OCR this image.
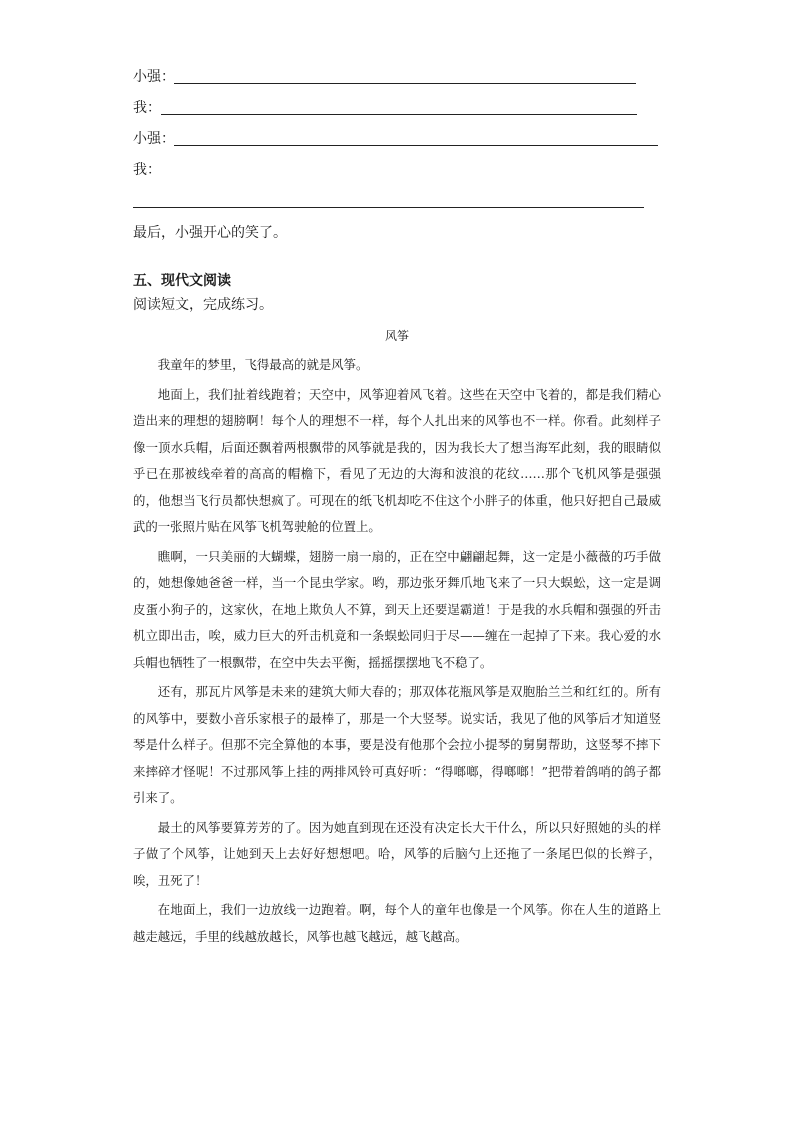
小强：
我：
小强：
我：
最后，小强开心的笑了。
五、现代文阅读
阅读短文，完成练习。
风筝

我童年的梦里，飞得最高的就是风筝。

地面上，我们扯着线跑着；天空中，风筝迎着风飞着。这些在天空中飞着的，都是我们精心造出来的理想的翅膀啊！每个人的理想不一样，每个人扎出来的风筝也不一样。你看。此刻样子像一顶水兵帽，后面还飘着两根飘带的风筝就是我的，因为我长大了想当海军此刻，我的眼睛似乎已在那被线牵着的高高的帽檐下，看见了无边的大海和波浪的花纹……那个飞机风筝是强强的，他想当飞行员都快想疯了。可现在的纸飞机却吃不住这个小胖子的体重，他只好把自己最威武的一张照片贴在风筝飞机驾驶舱的位置上。

瞧啊，一只美丽的大蝴蝶，翅膀一扇一扇的，正在空中翩翩起舞，这一定是小薇薇的巧手做的，她想像她爸爸一样，当一个昆虫学家。哟，那边张牙舞爪地飞来了一只大蜈蚣，这一定是调皮蛋小狗子的，这家伙，在地上欺负人不算，到天上还要逞霸道！于是我的水兵帽和强强的歼击机立即出击，唉，威力巨大的歼击机竟和一条蜈蚣同归于尽——缠在一起掉了下来。我心爱的水兵帽也牺牲了一根飘带，在空中失去平衡，摇摇摆摆地飞不稳了。

还有，那瓦片风筝是未来的建筑大师大春的；那双体花瓶风筝是双胞胎兰兰和红红的。所有的风筝中，要数小音乐家根子的最棒了，那是一个大竖琴。说实话，我见了他的风筝后才知道竖琴是什么样子。但那不完全算他的本事，要是没有他那个会拉小提琴的舅舅帮助，这竖琴不摔下来摔碎才怪呢！不过那风筝上挂的两排风铃可真好听：“得啷啷，得啷啷！”把带着鸽哨的鸽子都引来了。

最土的风筝要算芳芳的了。因为她直到现在还没有决定长大干什么，所以只好照她的头的样子做了个风筝，让她到天上去好好想想吧。哈，风筝的后脑勺上还拖了一条尾巴似的长辫子，唉，丑死了！

在地面上，我们一边放线一边跑着。啊，每个人的童年也像是一个风筝。你在人生的道路上越走越远，手里的线越放越长，风筝也越飞越远，越飞越高。
